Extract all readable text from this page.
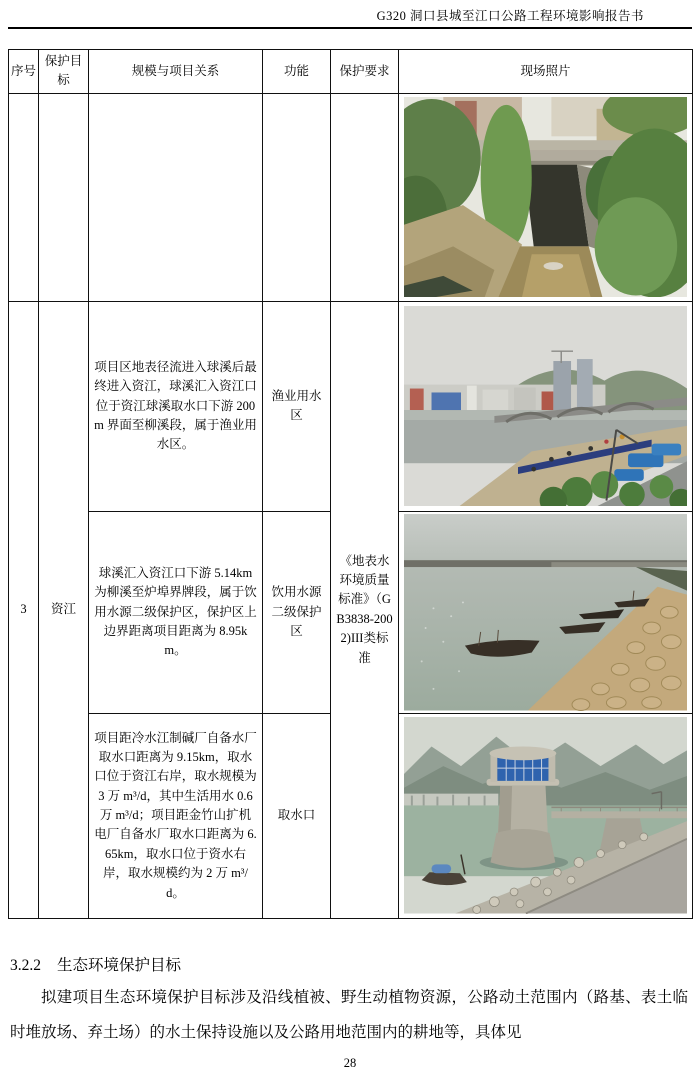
G320 洞口县城至江口公路工程环境影响报告书
序号	保护目标	规模与项目关系	功能	保护要求	现场照片

3	资江	项目区地表径流进入球溪后最终进入资江，球溪汇入资江口位于资江球溪取水口下游 200m 界面至柳溪段，属于渔业用水区。	渔业用水区	《地表水环境质量标准》（GB3838-2002)III类标准	

		球溪汇入资江口下游 5.14km 为柳溪至炉埠界牌段，属于饮用水源二级保护区，保护区上边界距离项目距离为 8.95km。	饮用水源二级保护区	

		项目距冷水江制碱厂自备水厂取水口距离为 9.15km，取水口位于资江右岸，取水规模为 3 万 m³/d，其中生活用水 0.6 万 m³/d；项目距金竹山扩机电厂自备水厂取水口距离为 6.65km，取水口位于资水右岸，取水规模约为 2 万 m³/d。	取水口	
3.2.2 生态环境保护目标
拟建项目生态环境保护目标涉及沿线植被、野生动植物资源，公路动土范围内（路基、表土临时堆放场、弃土场）的水土保持设施以及公路用地范围内的耕地等，具体见
28
